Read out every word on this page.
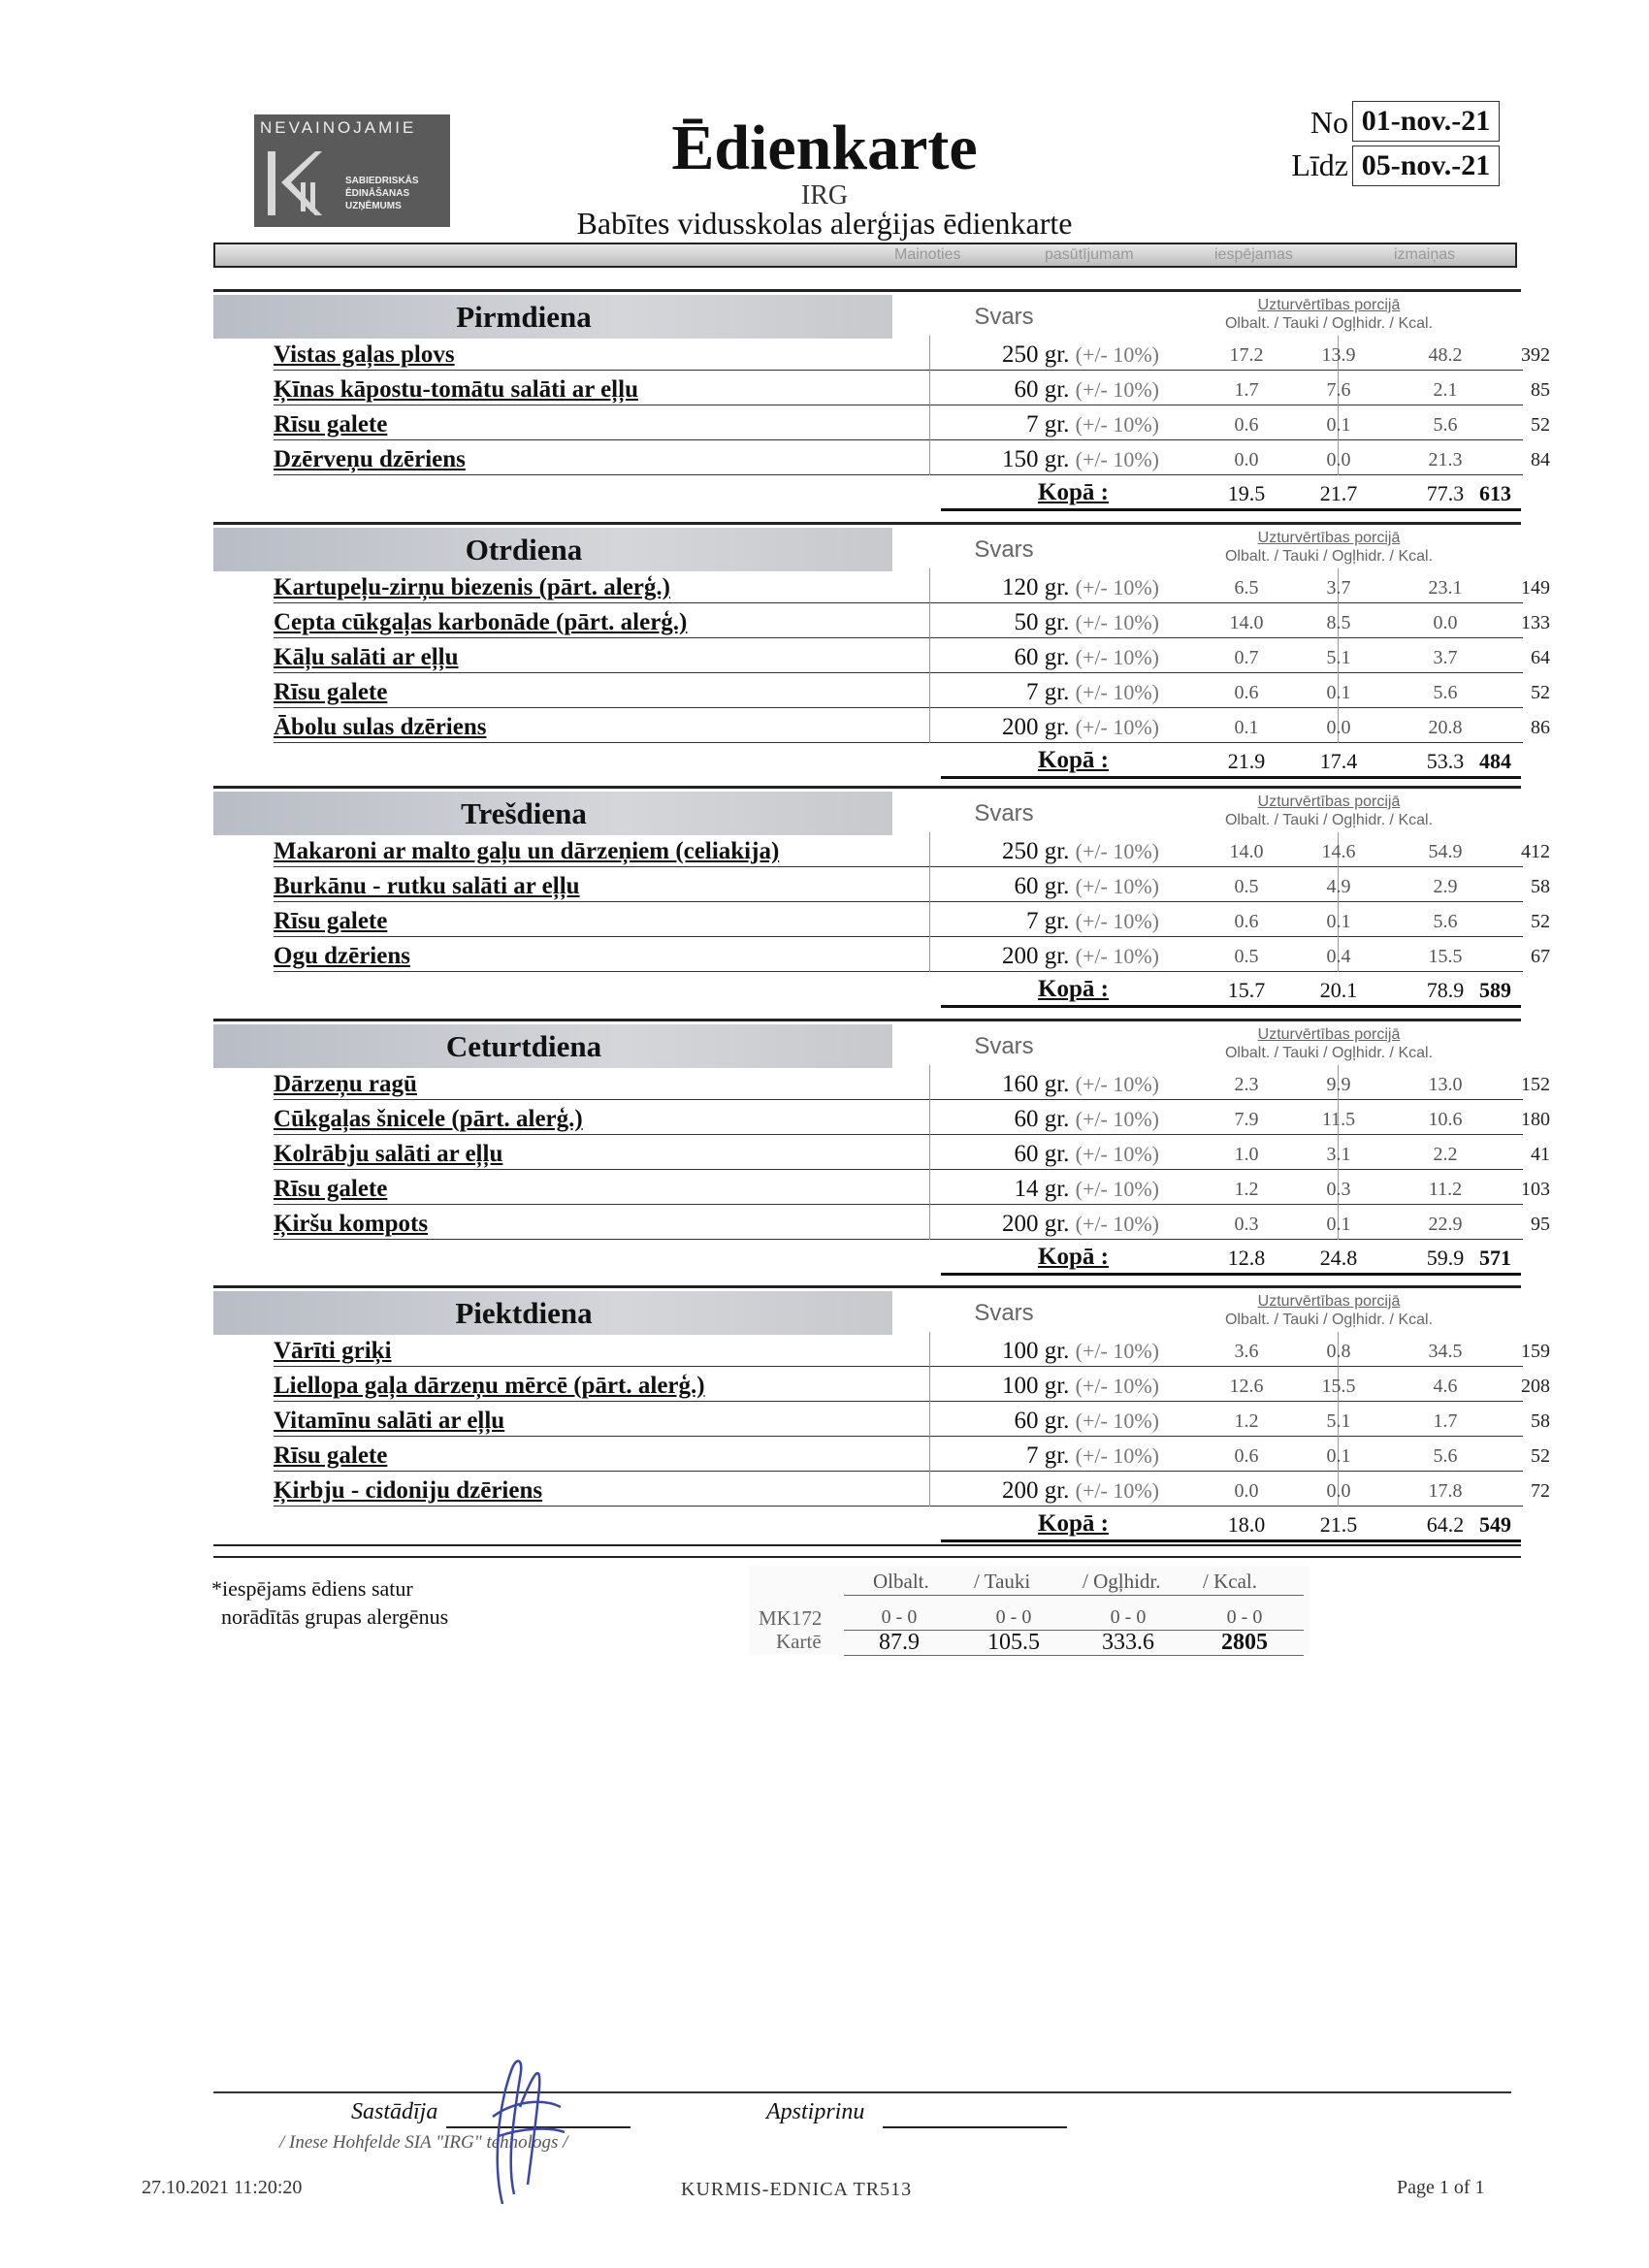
NEVAINOJAMIE
SABIEDRISKĀS ĒDINĀŠANAS UZŅĒMUMS
Ēdienkarte
IRG
Babītes vidusskolas alerģijas ēdienkarte
No 01-nov.-21
Līdz 05-nov.-21
Mainoties	pasūtījumam	iespējamas	izmaiņas
Pirmdiena	Svars	Uzturvērtības porcijā
Olbalt. / Tauki / Ogļhidr. / Kcal.
Vistas gaļas plovs	250 gr. (+/- 10%)	17.2	13.9	48.2	392
Ķīnas kāpostu-tomātu salāti ar eļļu	60 gr. (+/- 10%)	1.7	7.6	2.1	85
Rīsu galete	7 gr. (+/- 10%)	0.6	0.1	5.6	52
Dzērveņu dzēriens	150 gr. (+/- 10%)	0.0	0.0	21.3	84
Kopā :	19.5	21.7	77.3 613
Otrdiena	Svars	Uzturvērtības porcijā
Olbalt. / Tauki / Ogļhidr. / Kcal.
Kartupeļu-zirņu biezenis (pārt. alerģ.)	120 gr. (+/- 10%)	6.5	3.7	23.1	149
Cepta cūkgaļas karbonāde (pārt. alerģ.)	50 gr. (+/- 10%)	14.0	8.5	0.0	133
Kāļu salāti ar eļļu	60 gr. (+/- 10%)	0.7	5.1	3.7	64
Rīsu galete	7 gr. (+/- 10%)	0.6	0.1	5.6	52
Ābolu sulas dzēriens	200 gr. (+/- 10%)	0.1	0.0	20.8	86
Kopā :	21.9	17.4	53.3 484
Trešdiena	Svars	Uzturvērtības porcijā
Olbalt. / Tauki / Ogļhidr. / Kcal.
Makaroni ar malto gaļu un dārzeņiem (celiakija)	250 gr. (+/- 10%)	14.0	14.6	54.9	412
Burkānu - rutku salāti ar eļļu	60 gr. (+/- 10%)	0.5	4.9	2.9	58
Rīsu galete	7 gr. (+/- 10%)	0.6	0.1	5.6	52
Ogu dzēriens	200 gr. (+/- 10%)	0.5	0.4	15.5	67
Kopā :	15.7	20.1	78.9 589
Ceturtdiena	Svars	Uzturvērtības porcijā
Olbalt. / Tauki / Ogļhidr. / Kcal.
Dārzeņu ragū	160 gr. (+/- 10%)	2.3	9.9	13.0	152
Cūkgaļas šnicele (pārt. alerģ.)	60 gr. (+/- 10%)	7.9	11.5	10.6	180
Kolrābju salāti ar eļļu	60 gr. (+/- 10%)	1.0	3.1	2.2	41
Rīsu galete	14 gr. (+/- 10%)	1.2	0.3	11.2	103
Ķiršu kompots	200 gr. (+/- 10%)	0.3	0.1	22.9	95
Kopā :	12.8	24.8	59.9 571
Piektdiena	Svars	Uzturvērtības porcijā
Olbalt. / Tauki / Ogļhidr. / Kcal.
Vārīti griķi	100 gr. (+/- 10%)	3.6	0.8	34.5	159
Liellopa gaļa dārzeņu mērcē (pārt. alerģ.)	100 gr. (+/- 10%)	12.6	15.5	4.6	208
Vitamīnu salāti ar eļļu	60 gr. (+/- 10%)	1.2	5.1	1.7	58
Rīsu galete	7 gr. (+/- 10%)	0.6	0.1	5.6	52
Ķirbju - cidoniju dzēriens	200 gr. (+/- 10%)	0.0	0.0	17.8	72
Kopā :	18.0	21.5	64.2 549
*iespējams ēdiens satur
norādītās grupas alergēnus
Olbalt. / Tauki	/ Ogļhidr. / Kcal.
MK172	0 - 0	0 - 0	0 - 0	0 - 0
Kartē	87.9	105.5	333.6	2805
Sastādīja
/ Inese Hohfelde SIA "IRG" tehnologs /
Apstiprinu
27.10.2021 11:20:20	KURMIS-EDNICA TR513	Page 1 of 1
